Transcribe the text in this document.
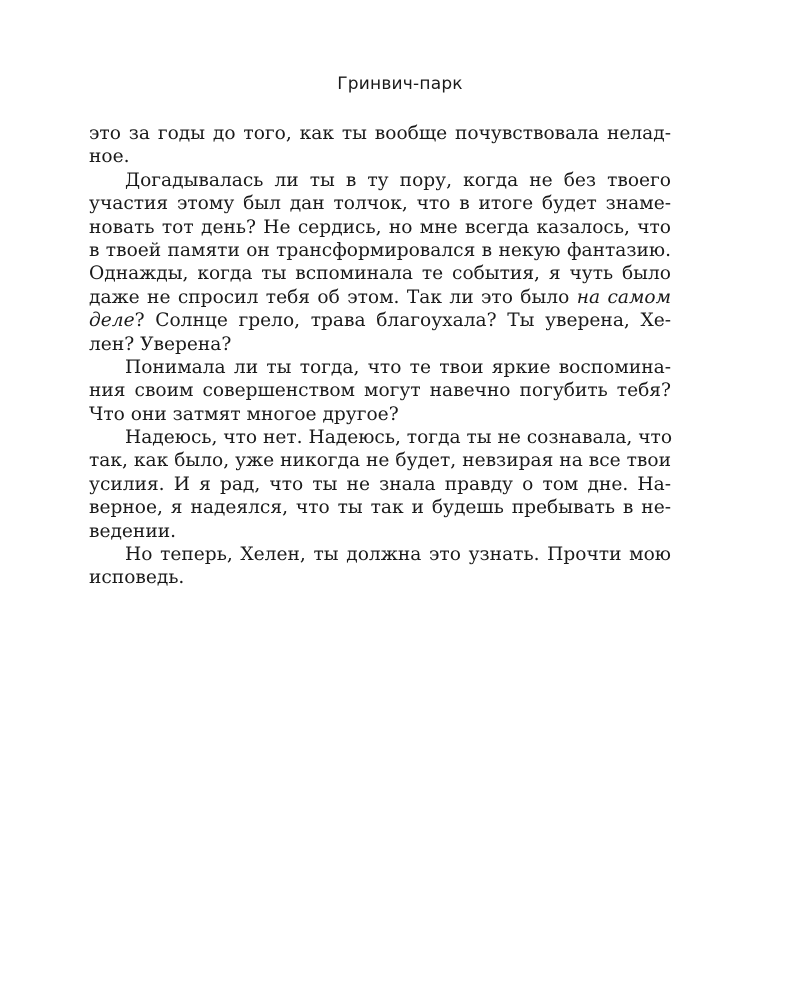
Гринвич-парк
это за годы до того, как ты вообще почувствовала нелад-
ное.
Догадывалась ли ты в ту пору, когда не без твоего
участия этому был дан толчок, что в итоге будет знаме-
новать тот день? Не сердись, но мне всегда казалось, что
в твоей памяти он трансформировался в некую фантазию.
Однажды, когда ты вспоминала те события, я чуть было
даже не спросил тебя об этом. Так ли это было на самом
деле? Солнце грело, трава благоухала? Ты уверена, Хе-
лен? Уверена?
Понимала ли ты тогда, что те твои яркие воспомина-
ния своим совершенством могут навечно погубить тебя?
Что они затмят многое другое?
Надеюсь, что нет. Надеюсь, тогда ты не сознавала, что
так, как было, уже никогда не будет, невзирая на все твои
усилия. И я рад, что ты не знала правду о том дне. На-
верное, я надеялся, что ты так и будешь пребывать в не-
ведении.
Но теперь, Хелен, ты должна это узнать. Прочти мою
исповедь.
